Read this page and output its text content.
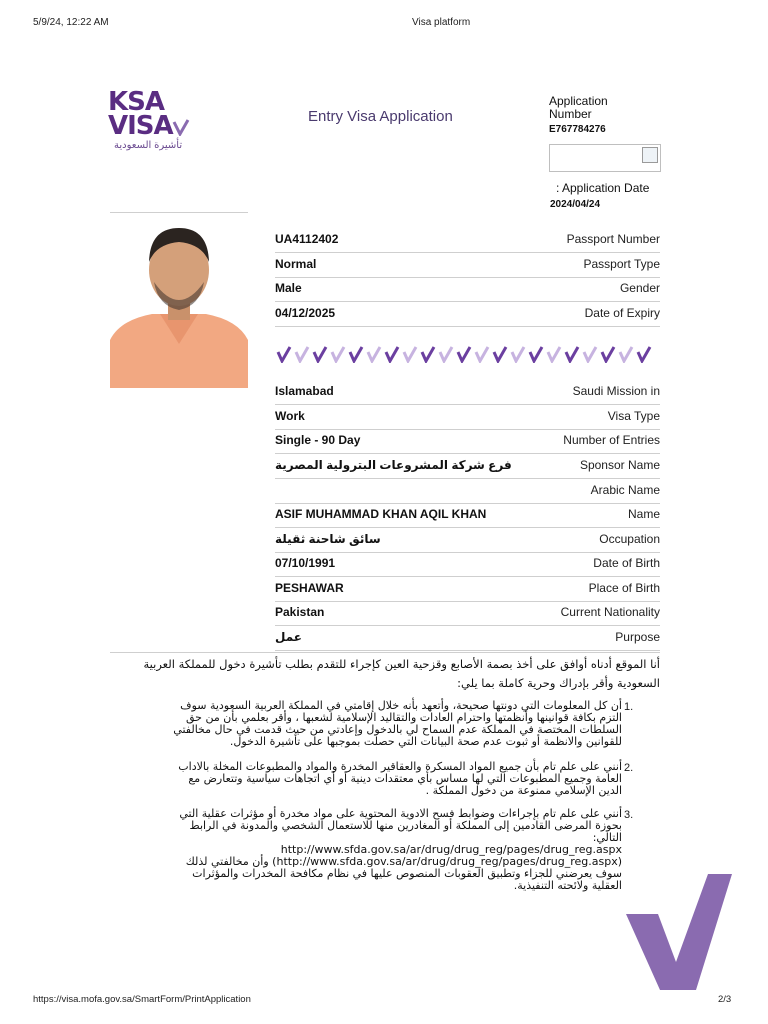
5/9/24, 12:22 AM	Visa platform
KSA
VISA
تأشيرة السعودية
Entry Visa Application
Application
Number
E767784276
: Application Date
2024/04/24
UA4112402	Passport Number
Normal	Passport Type
Male	Gender
04/12/2025	Date of Expiry
Islamabad	Saudi Mission in
Work	Visa Type
Single - 90 Day	Number of Entries
فرع شركة المشروعات البترولية المصرية	Sponsor Name
Arabic Name
ASIF MUHAMMAD KHAN AQIL KHAN	Name
سائق شاحنة ثقيلة	Occupation
07/10/1991	Date of Birth
PESHAWAR	Place of Birth
Pakistan	Current Nationality
عمل	Purpose
أنا الموقع أدناه أوافق على أخذ بصمة الأصابع وقزحية العين كإجراء للتقدم بطلب تأشيرة دخول للمملكة العربية
السعودية وأقر بإدراك وحرية كاملة بما يلي:
1.
أن كل المعلومات التي دونتها صحيحة، وأتعهد بأنه خلال إقامتي في المملكة العربية السعودية سوف
التزم بكافة قوانينها وأنظمتها واحترام العادات والتقاليد الإسلامية لشعبها ، وأقر بعلمي بأن من حق
السلطات المختصة في المملكة عدم السماح لي بالدخول وإعادتي من حيث قدمت في حال مخالفتي
للقوانين والانظمة أو ثبوت عدم صحة البيانات التي حصلت بموجبها على تأشيرة الدخول.
2.
أنني على علم تام بأن جميع المواد المسكرة والعقاقير المخدرة والمواد والمطبوعات المخلة بالاداب
العامة وجميع المطبوعات التي لها مساس بأي معتقدات دينية أو أي اتجاهات سياسية وتتعارض مع
الدين الإسلامي ممنوعة من دخول المملكة .
3.
أنني على علم تام بإجراءات وضوابط فسح الادوية المحتوية على مواد مخدرة أو مؤثرات عقلية التي
بحوزة المرضى القادمين إلى المملكة أو المغادرين منها للاستعمال الشخصي والمدونة في الرابط
التالي:
http://www.sfda.gov.sa/ar/drug/drug_reg/pages/drug_reg.aspx
(http://www.sfda.gov.sa/ar/drug/drug_reg/pages/drug_reg.aspx) وأن مخالفتي لذلك
سوف يعرضني للجزاء وتطبيق العقوبات المنصوص عليها في نظام مكافحة المخدرات والمؤثرات
العقلية ولائحته التنفيذية.
https://visa.mofa.gov.sa/SmartForm/PrintApplication	2/3
